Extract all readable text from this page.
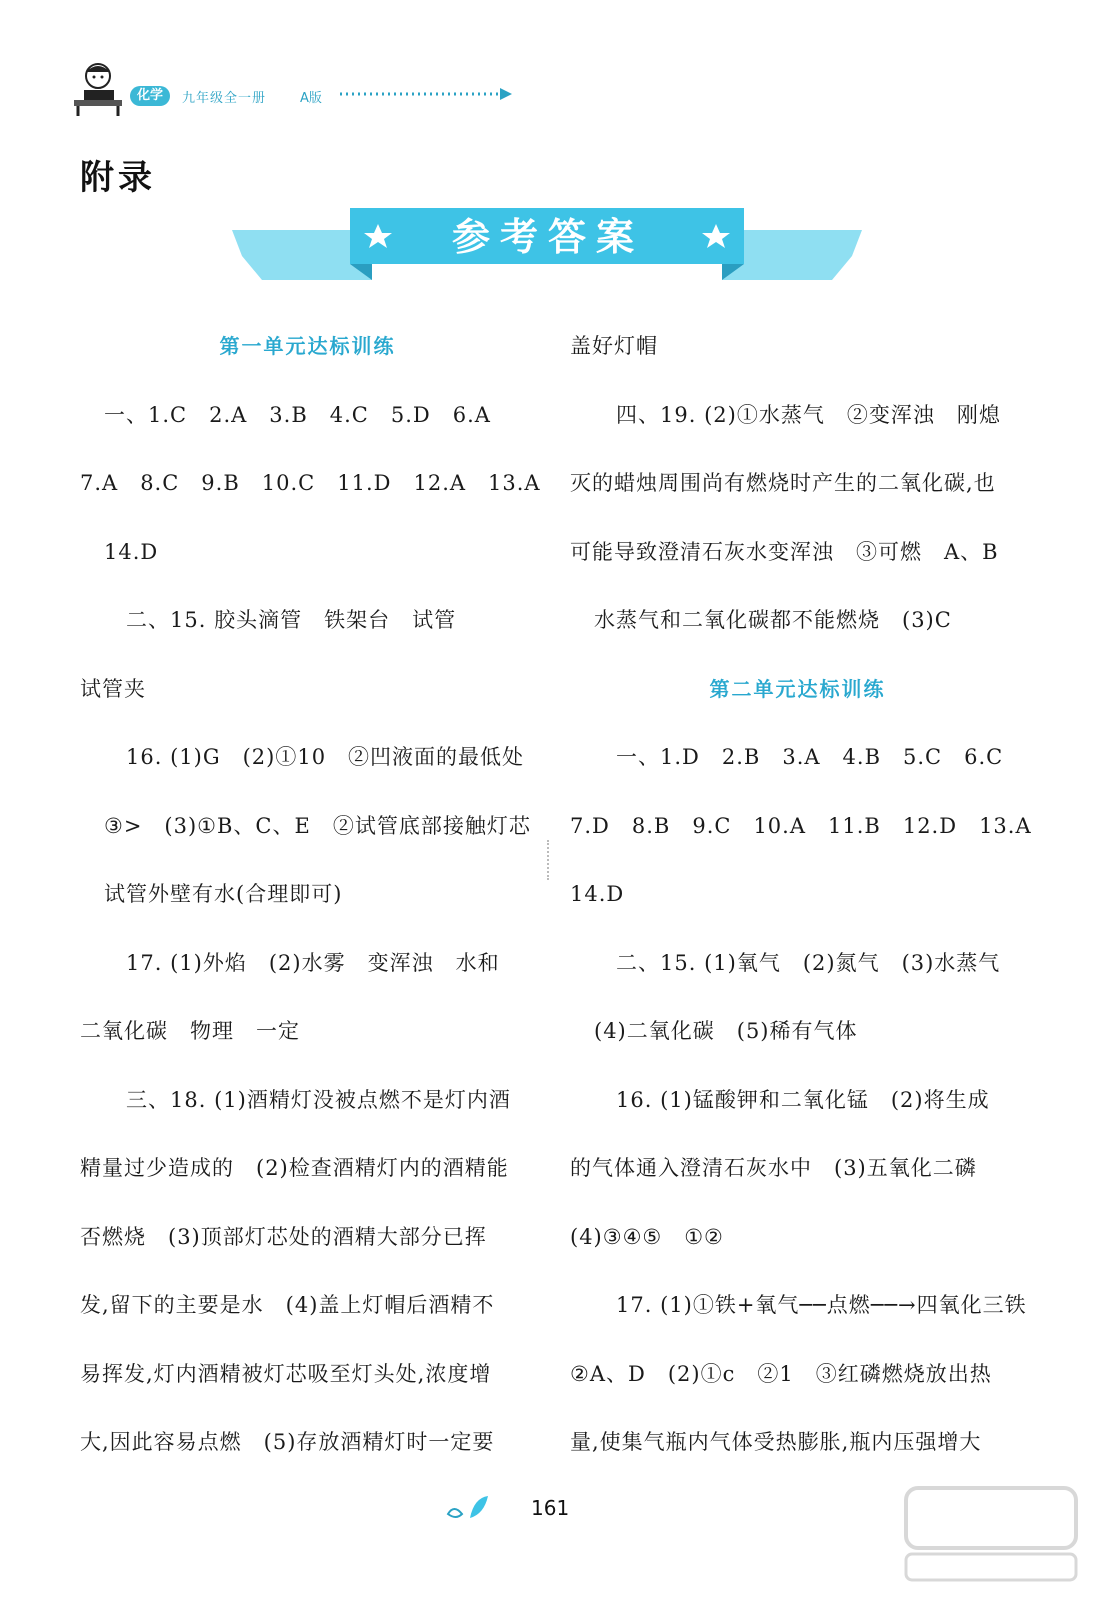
化学	九年级全一册	A版
附录
参考答案
第一单元达标训练
一、1.C　2.A　3.B　4.C　5.D　6.A
7.A　8.C　9.B　10.C　11.D　12.A　13.A
14.D
二、15. 胶头滴管　铁架台　试管
试管夹
16. (1)G　(2)①10　②凹液面的最低处
③>　(3)①B、C、E　②试管底部接触灯芯
试管外壁有水(合理即可)
17. (1)外焰　(2)水雾　变浑浊　水和
二氧化碳　物理　一定
三、18. (1)酒精灯没被点燃不是灯内酒
精量过少造成的　(2)检查酒精灯内的酒精能
否燃烧　(3)顶部灯芯处的酒精大部分已挥
发,留下的主要是水　(4)盖上灯帽后酒精不
易挥发,灯内酒精被灯芯吸至灯头处,浓度增
大,因此容易点燃　(5)存放酒精灯时一定要
盖好灯帽
四、19. (2)①水蒸气　②变浑浊　刚熄
灭的蜡烛周围尚有燃烧时产生的二氧化碳,也
可能导致澄清石灰水变浑浊　③可燃　A、B
水蒸气和二氧化碳都不能燃烧　(3)C
第二单元达标训练
一、1.D　2.B　3.A　4.B　5.C　6.C
7.D　8.B　9.C　10.A　11.B　12.D　13.A
14.D
二、15. (1)氧气　(2)氮气　(3)水蒸气
(4)二氧化碳　(5)稀有气体
16. (1)锰酸钾和二氧化锰　(2)将生成
的气体通入澄清石灰水中　(3)五氧化二磷
(4)③④⑤　①②
17. (1)①铁+氧气──点燃──→四氧化三铁
②A、D　(2)①c　②1　③红磷燃烧放出热
量,使集气瓶内气体受热膨胀,瓶内压强增大
161
